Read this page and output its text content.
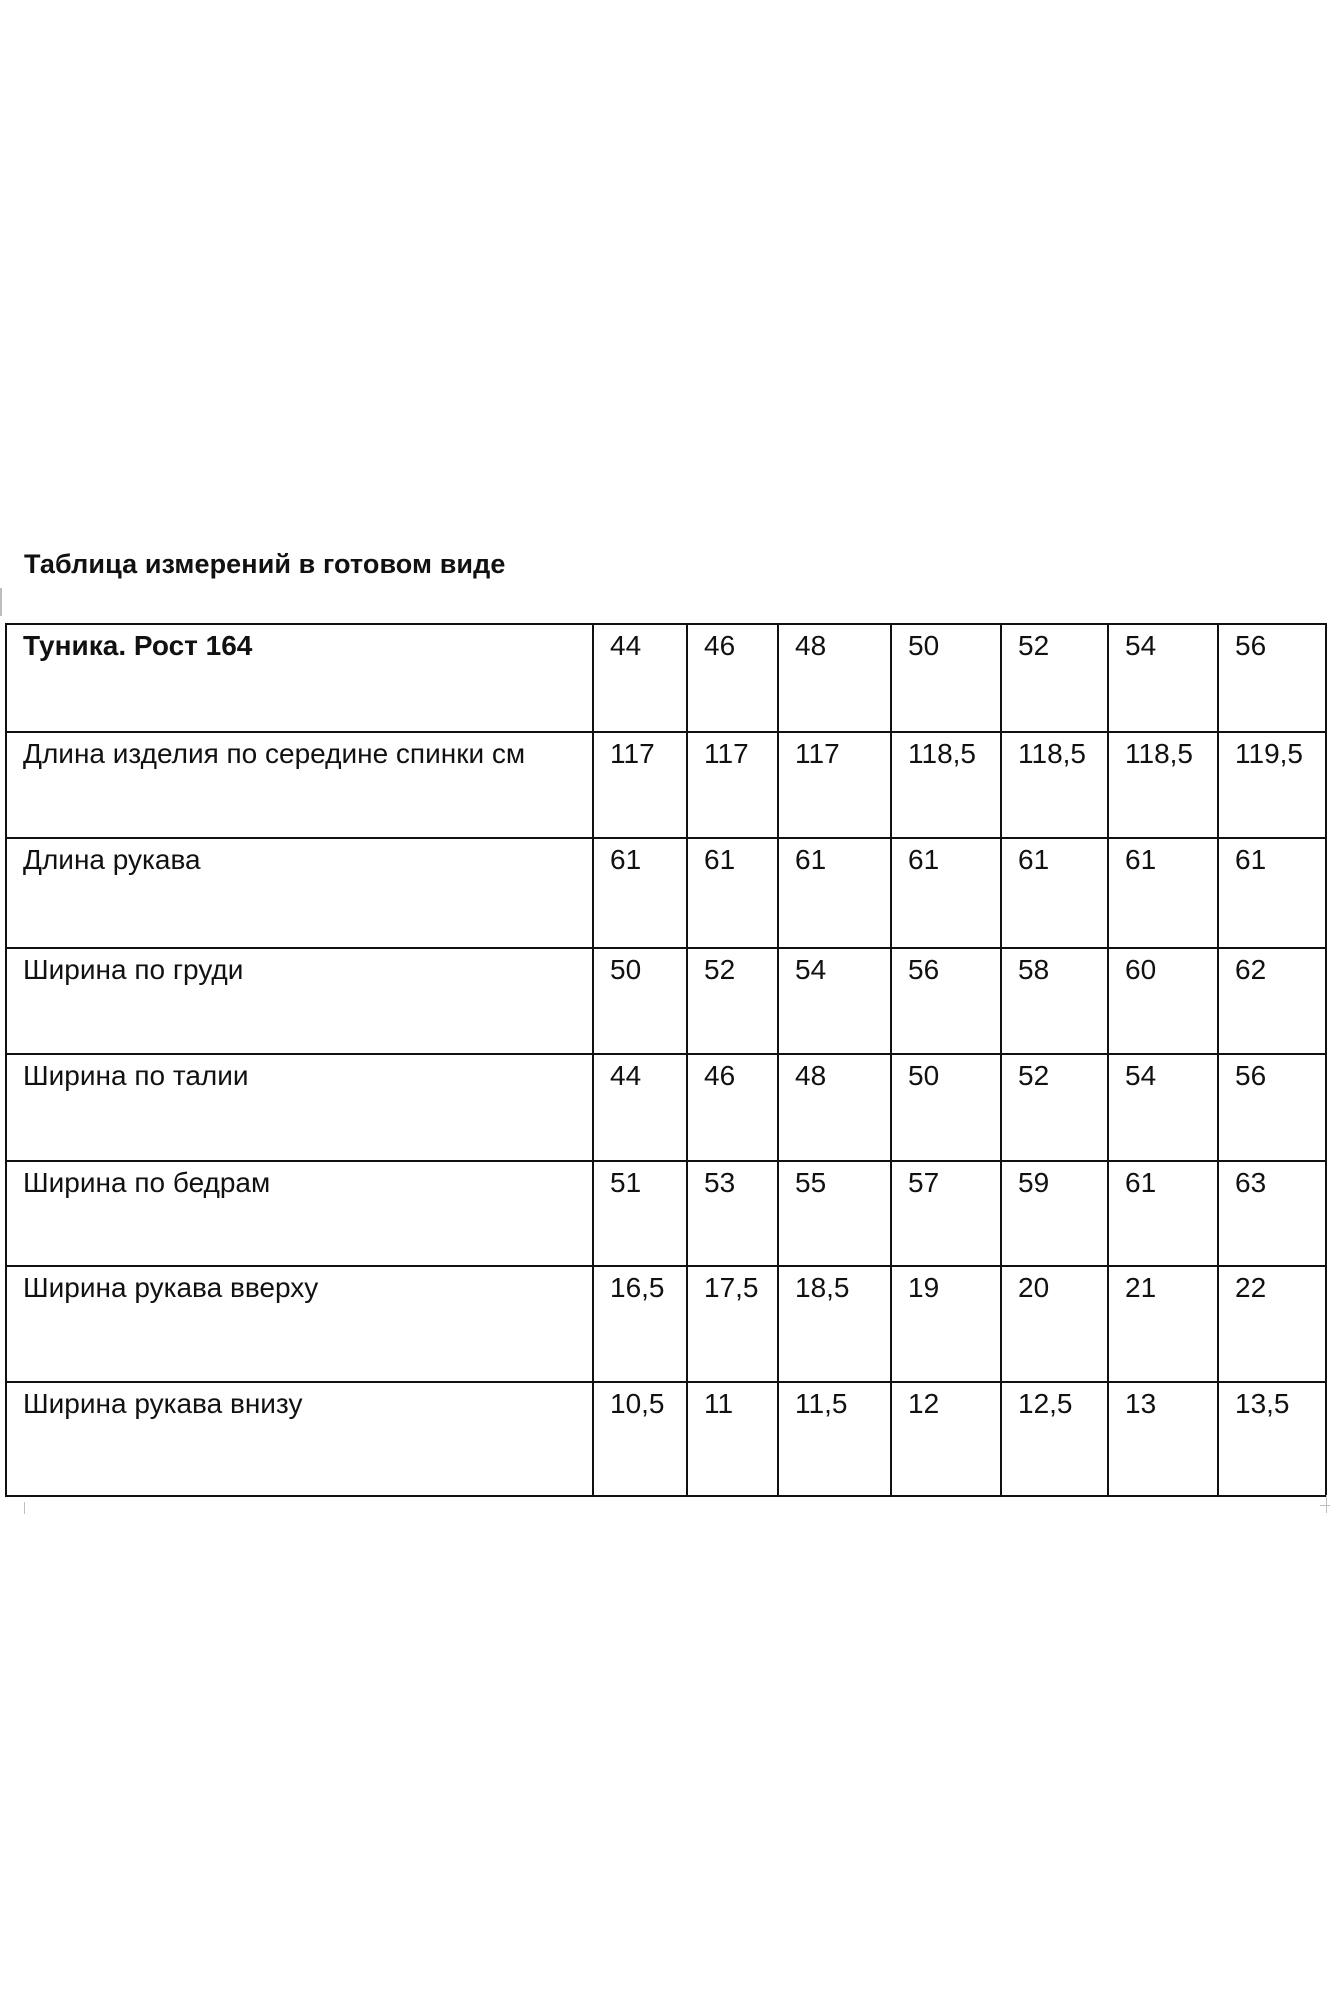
Таблица измерений в готовом виде
Туника. Рост 164	44	46	48	50	52	54	56
Длина изделия по середине спинки см	117	117	117	118,5	118,5	118,5	119,5
Длина рукава	61	61	61	61	61	61	61
Ширина по груди	50	52	54	56	58	60	62
Ширина по талии	44	46	48	50	52	54	56
Ширина по бедрам	51	53	55	57	59	61	63
Ширина рукава вверху	16,5	17,5	18,5	19	20	21	22
Ширина рукава внизу	10,5	11	11,5	12	12,5	13	13,5
